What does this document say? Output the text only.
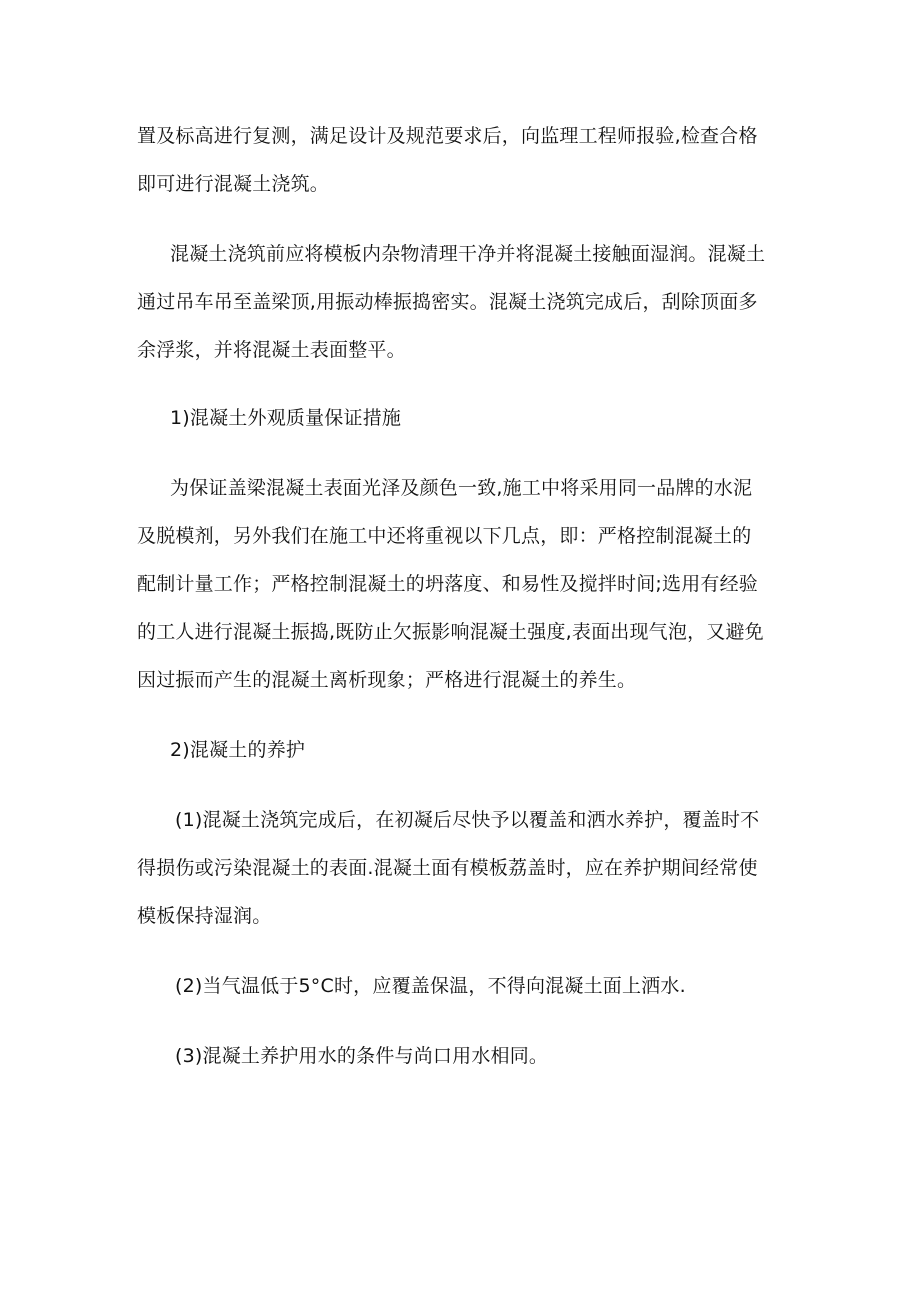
置及标高进行复测，满足设计及规范要求后，向监理工程师报验,检查合格

即可进行混凝土浇筑。

混凝土浇筑前应将模板内杂物清理干净并将混凝土接触面湿润。混凝土

通过吊车吊至盖梁顶,用振动棒振捣密实。混凝土浇筑完成后，刮除顶面多

余浮浆，并将混凝土表面整平。

1)混凝土外观质量保证措施

为保证盖梁混凝土表面光泽及颜色一致,施工中将采用同一品牌的水泥

及脱模剂，另外我们在施工中还将重视以下几点，即：严格控制混凝土的

配制计量工作；严格控制混凝土的坍落度、和易性及搅拌时间;选用有经验

的工人进行混凝土振捣,既防止欠振影响混凝土强度,表面出现气泡，又避免

因过振而产生的混凝土离析现象；严格进行混凝土的养生。

2)混凝土的养护

(1)混凝土浇筑完成后，在初凝后尽快予以覆盖和洒水养护，覆盖时不

得损伤或污染混凝土的表面.混凝土面有模板荔盖时，应在养护期间经常使

模板保持湿润。

(2)当气温低于5°C时，应覆盖保温，不得向混凝土面上洒水.

(3)混凝土养护用水的条件与尚口用水相同。
